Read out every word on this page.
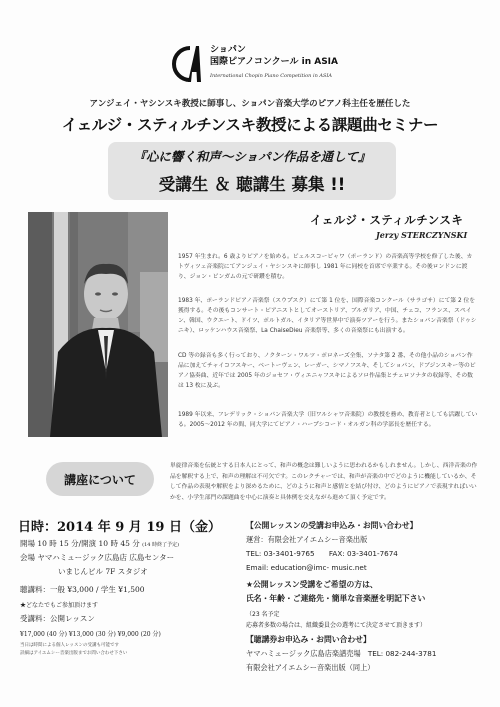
ショパン
国際ピアノコンクール in ASIA
International Chopin Piano Competition in ASIA
アンジェイ・ヤシンスキ教授に師事し、ショパン音楽大学のピアノ科主任を歴任した
イェルジ・スティルチンスキ教授による課題曲セミナー
『心に響く和声～ショパン作品を通して』
受講生 ＆ 聴講生 募集 !!
イェルジ・スティルチンスキ
Jerzy STERCZYNSKI

1957 年生まれ。6 歳よりピアノを始める。ビェルスコービャワ（ポーランド）の音楽高等学校を修了した後、カトヴィツェ音楽院にてアンジェイ・ヤシンスキに師事し 1981 年に同校を首席で卒業する。その後ロンドンに渡り、ジョン・ビンガムの元で研鑽を積む。

1983 年、ポーランドピアノ音楽祭（スウプスク）にて第 1 位を、国際音楽コンクール（サラゴサ）にて第 2 位を獲得する。その後もコンサート・ピアニストとしてオーストリア、ブルガリア、中国、チェコ、フランス、スペイン、韓国、ウクエート、ドイツ、ポルトガル、イタリア等世界中で演奏ツアーを行う。またショパン音楽祭（ドゥシニキ）、ロッケンハウス音楽祭、La ChaiseDieu 音楽祭等、多くの音楽祭にも出演する。

CD 等の録音も多く行っており、ノクターン・ワルツ・ポロネーズ全集、ソナタ第 2 番、その他小品のショパン作品に加えてチャイコフスキー、ベートーヴェン、レーガー、シマノフスキ、そしてショパン、ドブジンスキー等のピアノ協奏曲、近年では 2005 年のジョセフ・ヴィエニャフスキによるソロ作品集とチェロソナタの収録等、その数は 13 枚に及ぶ。

1989 年以来、フレデリック・ショパン音楽大学（旧ワルシャワ音楽院）の教授を務め、教育者としても活躍している。2005～2012 年の間、同大学にてピアノ・ハープシコード・オルガン科の学部長を歴任する。

講座について

単旋律音楽を伝統とする日本人にとって、和声の概念は難しいように思われるかもしれません。しかし、西洋音楽の作品を解釈する上で、和声の理解は不可欠です。このレクチャーでは、和声が音楽の中でどのように機能しているか、そして作品の表現や解釈をより深めるために、どのように和声と感情とを結び付け、どのようにピアノで表現すればいいかを、小学生部門の課題曲を中心に演奏と具体例を交えながら進めて頂く予定です。

日時：2014 年 9 月 19 日（金）
開場 10 時 15 分/開演 10 時 45 分 (14 時終了予定)
会場 ヤマハミュージック広島店 広島センター
いまじんビル 7F スタジオ
聴講料：一般 ¥3,000 / 学生 ¥1,500
★どなたでもご参加頂けます
受講料：公開レッスン
¥17,000 (40 分) ¥13,000 (30 分) ¥9,000 (20 分)
当日は時間による個人レッスンの受講も可能です
詳細はアイエムシー音楽出版までお問い合わせ下さい
【公開レッスンの受講お申込み・お問い合わせ】
運営：有限会社アイエムシー音楽出版
TEL: 03-3401-9765　　FAX: 03-3401-7674
Email: education@imc- music.net
★公開レッスン受講をご希望の方は、
氏名・年齢・ご連絡先・簡単な音楽歴を明記下さい
（23 名予定
応募者多数の場合は、組織委員会の選考にて決定させて頂きます）
【聴講券お申込み・お問い合わせ】
ヤマハミュージック広島店楽譜売場　TEL: 082-244-3781
有限会社アイエムシー音楽出版（同上）
